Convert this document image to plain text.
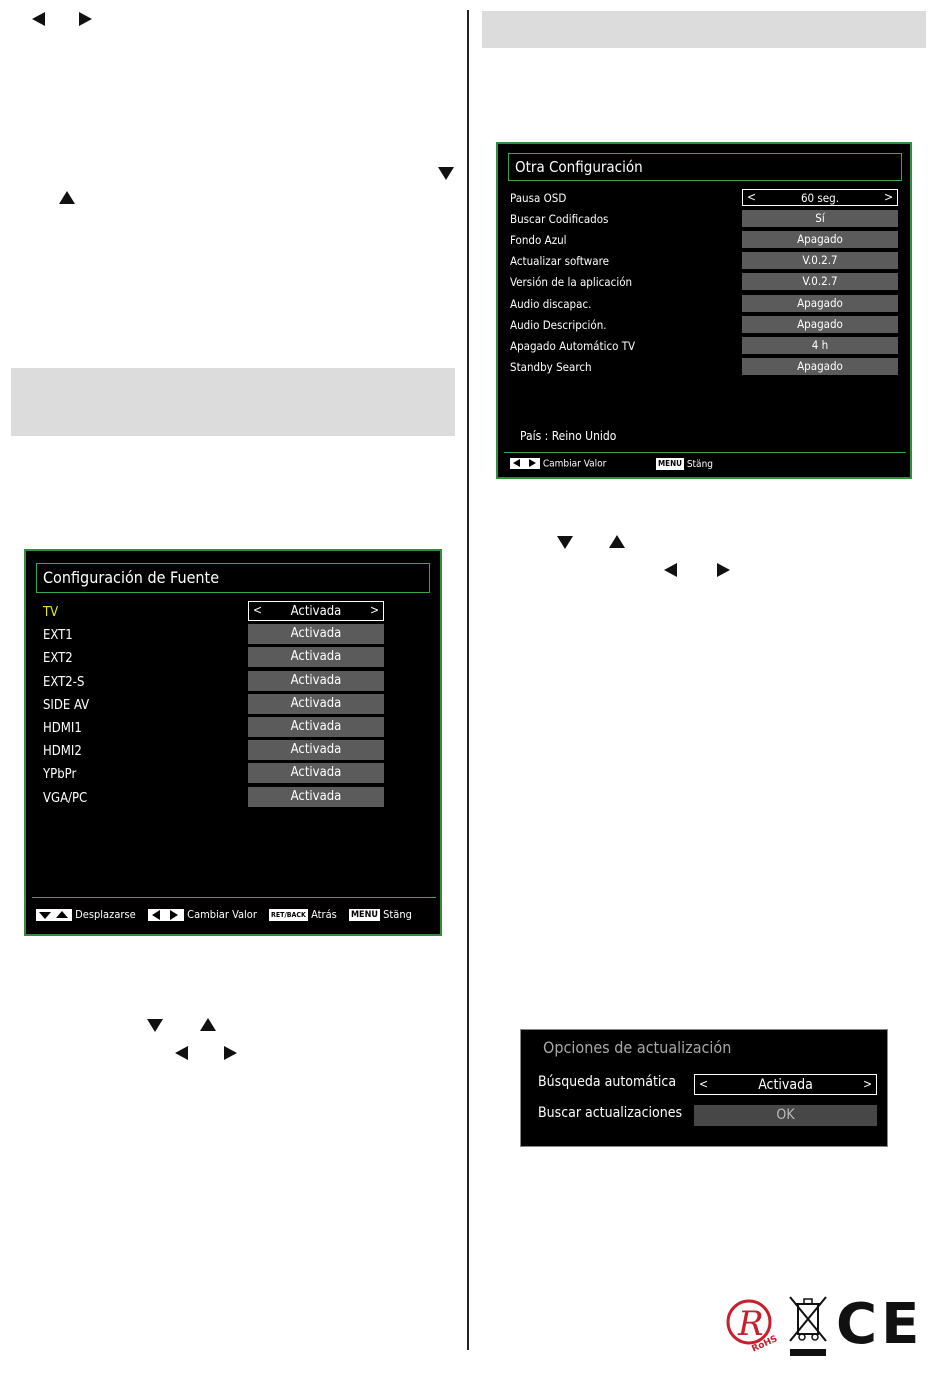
Configuración de Fuente
TV	Activada
<	>
EXT1	Activada
EXT2	Activada
EXT2-S	Activada
SIDE AV	Activada
HDMI1	Activada
HDMI2	Activada
YPbPr	Activada
VGA/PC	Activada
Desplazarse	Cambiar Valor RET/BACK Atrás MENU Stäng
Otra Configuración
Pausa OSD	60 seg.
<	>
Buscar Codificados	Sí
Fondo Azul	Apagado
Actualizar software	V.0.2.7
Versión de la aplicación	V.0.2.7
Audio discapac.	Apagado
Audio Descripción.	Apagado
Apagado Automático TV	4 h
Standby Search	Apagado
País : Reino Unido
Cambiar Valor	MENU Stäng
Opciones de actualización
Búsqueda automática	Activada
<	>
Buscar actualizaciones	OK
R
RoHS CE
